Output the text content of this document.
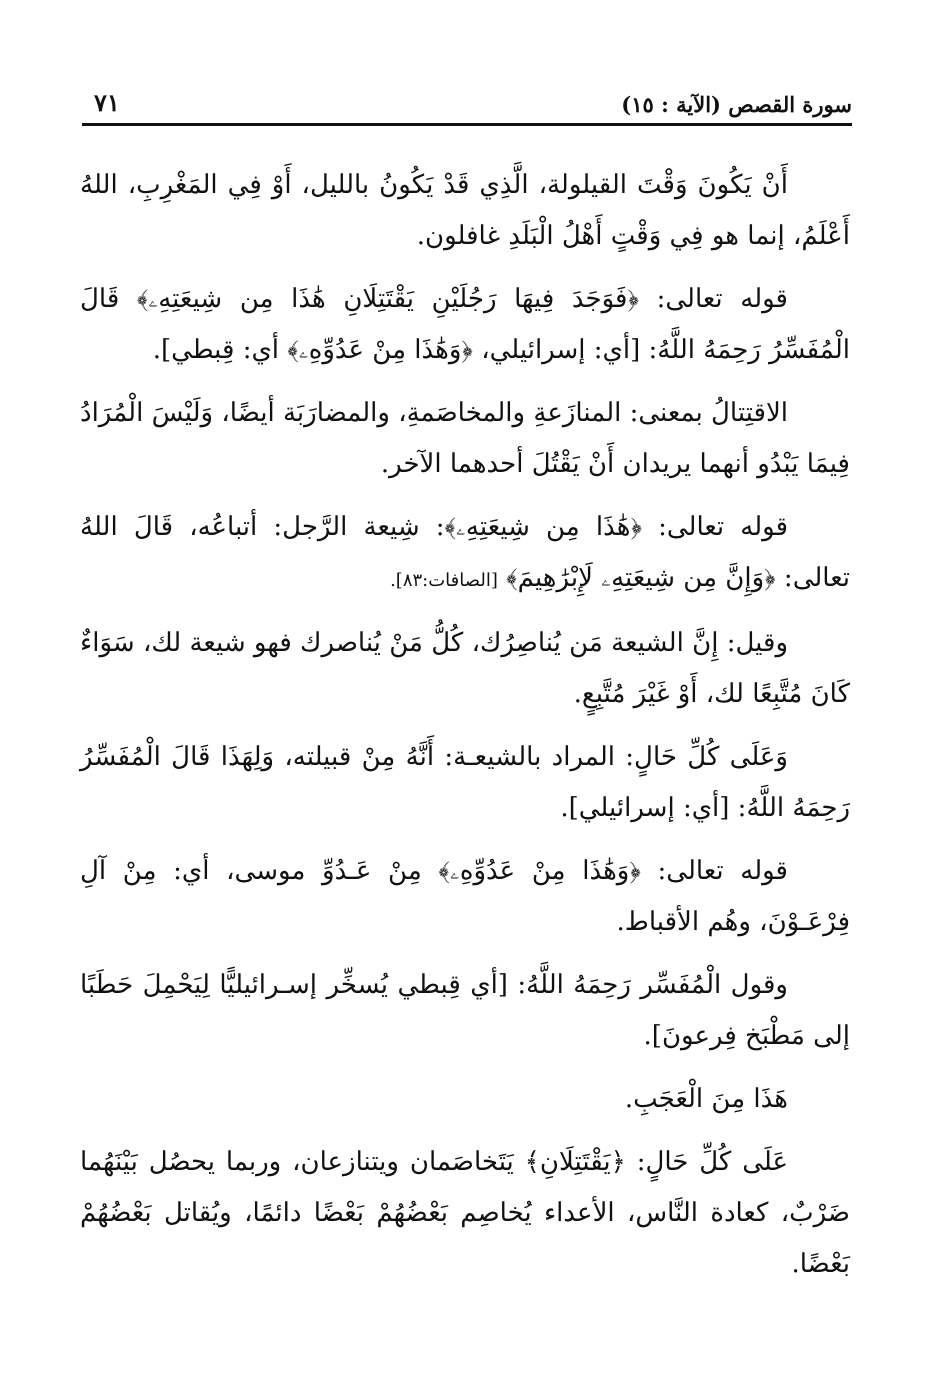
سورة القصص (الآية : ١٥)
٧١

أَنْ يَكُونَ وَقْتَ القيلولة، الَّذِي قَدْ يَكُونُ بالليل، أَوْ فِي المَغْرِبِ، اللهُ أَعْلَمُ، إنما هو فِي وَقْتٍ أَهْلُ الْبَلَدِ غافلون.

قوله تعالى: ﴿فَوَجَدَ فِيهَا رَجُلَيْنِ يَقْتَتِلَانِ هَٰذَا مِن شِيعَتِهِۦ﴾ قَالَ الْمُفَسِّرُ رَحِمَهُ اللَّهُ: [أي: إسرائيلي، ﴿وَهَٰذَا مِنْ عَدُوِّهِۦ﴾ أي: قِبطي].

الاقتِتالُ بمعنى: المنازَعةِ والمخاصَمةِ، والمضارَبَة أيضًا، وَلَيْسَ الْمُرَادُ فِيمَا يَبْدُو أنهما يريدان أَنْ يَقْتُلَ أحدهما الآخر.

قوله تعالى: ﴿هَٰذَا مِن شِيعَتِهِۦ﴾: شِيعة الرَّجل: أتباعُه، قَالَ اللهُ تعالى: ﴿وَإِنَّ مِن شِيعَتِهِۦ لَإِبْرَٰهِيمَ﴾ [الصافات:٨٣].

وقيل: إِنَّ الشيعة مَن يُناصِرُك، كُلُّ مَنْ يُناصرك فهو شيعة لك، سَوَاءٌ كَانَ مُتَّبِعًا لك، أَوْ غَيْرَ مُتَّبِعٍ.

وَعَلَى كُلِّ حَالٍ: المراد بالشيعـة: أَنَّهُ مِنْ قبيلته، وَلِهَذَا قَالَ الْمُفَسِّرُ رَحِمَهُ اللَّهُ: [أي: إسرائيلي].

قوله تعالى: ﴿وَهَٰذَا مِنْ عَدُوِّهِۦ﴾ مِنْ عَـدُوِّ موسى، أي: مِنْ آلِ فِرْعَـوْنَ، وهُم الأقباط.

وقول الْمُفَسِّر رَحِمَهُ اللَّهُ: [أي قِبطي يُسخِّر إسـرائيليًّا لِيَحْمِلَ حَطَبًا إلى مَطْبَخ فِرعونَ].

هَذَا مِنَ الْعَجَبِ.

عَلَى كُلِّ حَالٍ: ﴿يَقْتَتِلَانِ﴾ يَتَخاصَمان ويتنازعان، وربما يحصُل بَيْنَهُما ضَرْبٌ، كعادة النَّاس، الأعداء يُخاصِم بَعْضُهُمْ بَعْضًا دائمًا، ويُقاتل بَعْضُهُمْ بَعْضًا.
